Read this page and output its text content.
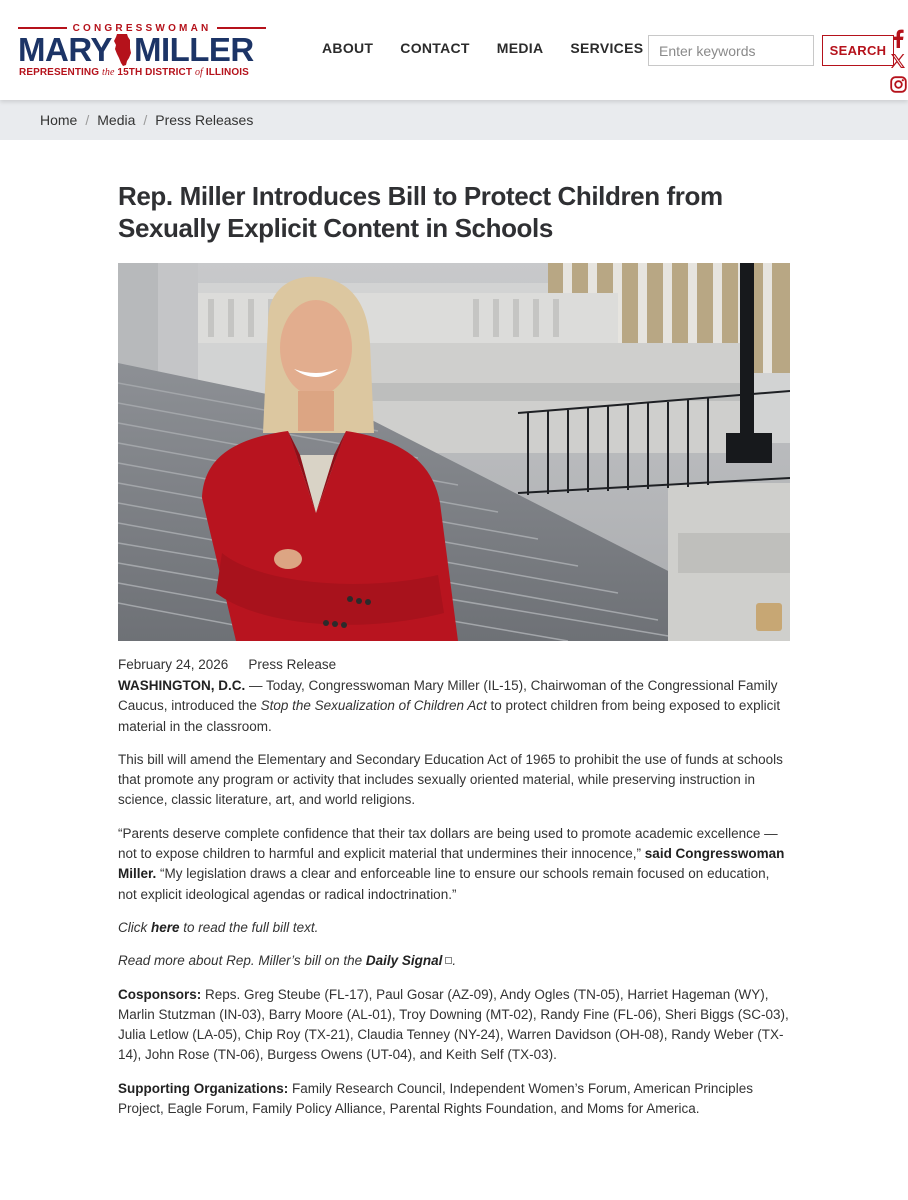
CONGRESSWOMAN
MARY MILLER
REPRESENTING the 15TH DISTRICT of ILLINOIS
ABOUT CONTACT MEDIA SERVICES
Enter keywords	SEARCH
Home / Media / Press Releases
Rep. Miller Introduces Bill to Protect Children from Sexually Explicit Content in Schools
February 24, 2026 Press Release

WASHINGTON, D.C. — Today, Congresswoman Mary Miller (IL-15), Chairwoman of the Congressional Family Caucus, introduced the Stop the Sexualization of Children Act to protect children from being exposed to explicit material in the classroom.

This bill will amend the Elementary and Secondary Education Act of 1965 to prohibit the use of funds at schools that promote any program or activity that includes sexually oriented material, while preserving instruction in science, classic literature, art, and world religions.

“Parents deserve complete confidence that their tax dollars are being used to promote academic excellence — not to expose children to harmful and explicit material that undermines their innocence,” said Congresswoman Miller. “My legislation draws a clear and enforceable line to ensure our schools remain focused on education, not explicit ideological agendas or radical indoctrination.”

Click here to read the full bill text.

Read more about Rep. Miller’s bill on the Daily Signal .

Cosponsors: Reps. Greg Steube (FL-17), Paul Gosar (AZ-09), Andy Ogles (TN-05), Harriet Hageman (WY), Marlin Stutzman (IN-03), Barry Moore (AL-01), Troy Downing (MT-02), Randy Fine (FL-06), Sheri Biggs (SC-03), Julia Letlow (LA-05), Chip Roy (TX-21), Claudia Tenney (NY-24), Warren Davidson (OH-08), Randy Weber (TX-14), John Rose (TN-06), Burgess Owens (UT-04), and Keith Self (TX-03).

Supporting Organizations: Family Research Council, Independent Women’s Forum, American Principles Project, Eagle Forum, Family Policy Alliance, Parental Rights Foundation, and Moms for America.
